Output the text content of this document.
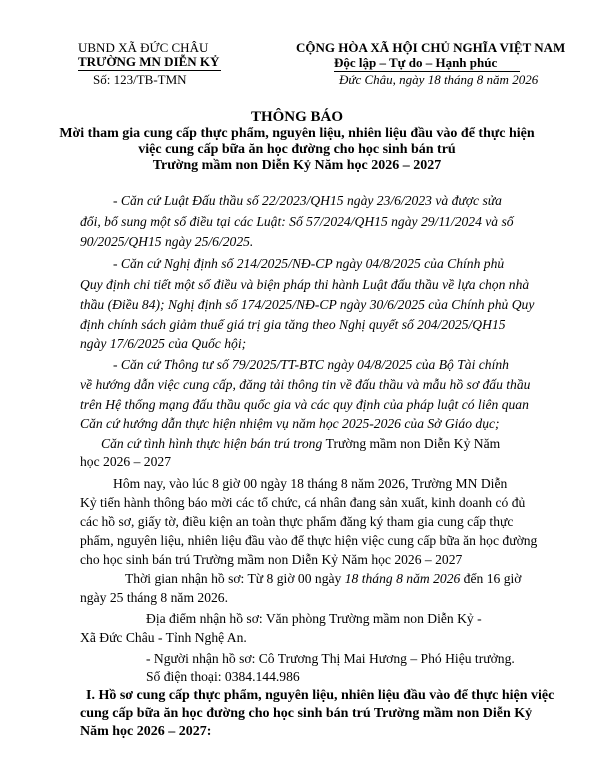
UBND XÃ ĐỨC CHÂU
TRƯỜNG MN DIỄN KỶ
Số: 123/TB-TMN
CỘNG HÒA XÃ HỘI CHỦ NGHĨA VIỆT NAM
Độc lập – Tự do – Hạnh phúc
Đức Châu, ngày 18 tháng 8 năm 2026
THÔNG BÁO
Mời tham gia cung cấp thực phẩm, nguyên liệu, nhiên liệu đầu vào để thực hiện
việc cung cấp bữa ăn học đường cho học sinh bán trú
Trường mầm non Diễn Kỷ Năm học 2026 – 2027
- Căn cứ Luật Đấu thầu số 22/2023/QH15 ngày 23/6/2023 và được sửa
đổi, bổ sung một số điều tại các Luật: Số 57/2024/QH15 ngày 29/11/2024 và số
90/2025/QH15 ngày 25/6/2025.
- Căn cứ Nghị định số 214/2025/NĐ-CP ngày 04/8/2025 của Chính phủ
Quy định chi tiết một số điều và biện pháp thi hành Luật đấu thầu về lựa chọn nhà
thầu (Điều 84); Nghị định số 174/2025/NĐ-CP ngày 30/6/2025 của Chính phủ Quy
định chính sách giảm thuế giá trị gia tăng theo Nghị quyết số 204/2025/QH15
ngày 17/6/2025 của Quốc hội;
- Căn cứ Thông tư số 79/2025/TT-BTC ngày 04/8/2025 của Bộ Tài chính
về hướng dẫn việc cung cấp, đăng tải thông tin về đấu thầu và mẫu hồ sơ đấu thầu
trên Hệ thống mạng đấu thầu quốc gia và các quy định của pháp luật có liên quan
Căn cứ hướng dẫn thực hiện nhiệm vụ năm học 2025-2026 của Sở Giáo dục;
Căn cứ tình hình thực hiện bán trú trong Trường mầm non Diễn Kỷ Năm
học 2026 – 2027
Hôm nay, vào lúc 8 giờ 00 ngày 18 tháng 8 năm 2026, Trường MN Diễn
Kỷ tiến hành thông báo mời các tổ chức, cá nhân đang sản xuất, kinh doanh có đủ
các hồ sơ, giấy tờ, điều kiện an toàn thực phẩm đăng ký tham gia cung cấp thực
phẩm, nguyên liệu, nhiên liệu đầu vào để thực hiện việc cung cấp bữa ăn học đường
cho học sinh bán trú Trường mầm non Diễn Kỷ Năm học 2026 – 2027
Thời gian nhận hồ sơ: Từ 8 giờ 00 ngày 18 tháng 8 năm 2026 đến 16 giờ
ngày 25 tháng 8 năm 2026.
Địa điểm nhận hồ sơ: Văn phòng Trường mầm non Diễn Kỷ -
Xã Đức Châu - Tỉnh Nghệ An.
- Người nhận hồ sơ: Cô Trương Thị Mai Hương – Phó Hiệu trưởng.
Số điện thoại: 0384.144.986
I. Hồ sơ cung cấp thực phẩm, nguyên liệu, nhiên liệu đầu vào để thực hiện việc
cung cấp bữa ăn học đường cho học sinh bán trú Trường mầm non Diễn Kỷ
Năm học 2026 – 2027:
